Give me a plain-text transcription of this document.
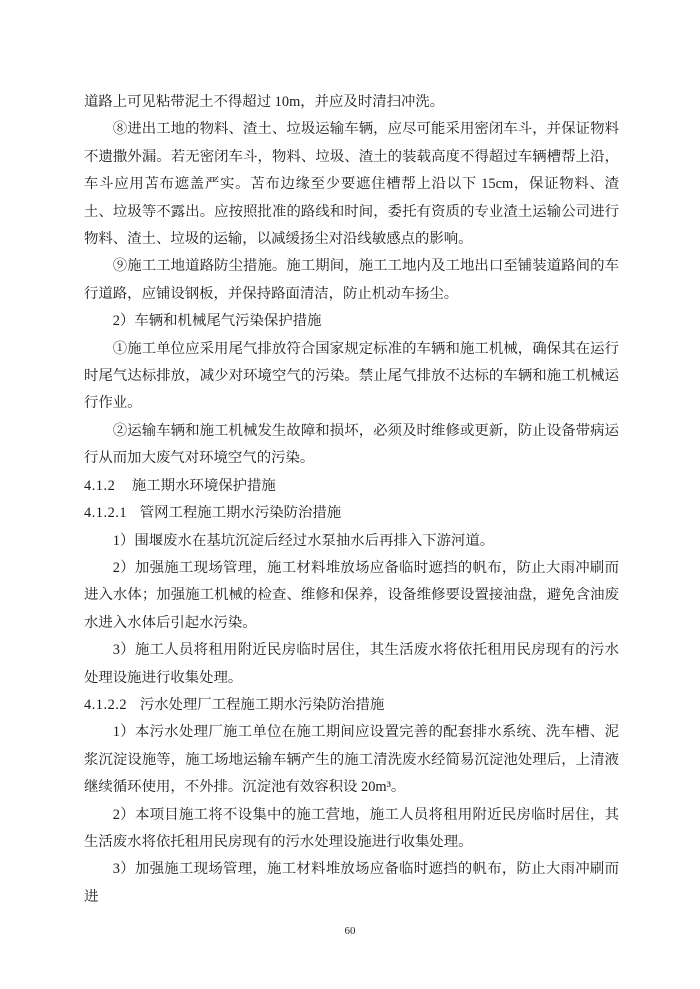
道路上可见粘带泥土不得超过 10m，并应及时清扫冲洗。

⑧进出工地的物料、渣土、垃圾运输车辆，应尽可能采用密闭车斗，并保证物料不遗撒外漏。若无密闭车斗，物料、垃圾、渣土的装载高度不得超过车辆槽帮上沿，车斗应用苫布遮盖严实。苫布边缘至少要遮住槽帮上沿以下 15cm，保证物料、渣土、垃圾等不露出。应按照批准的路线和时间，委托有资质的专业渣土运输公司进行物料、渣土、垃圾的运输，以减缓扬尘对沿线敏感点的影响。

⑨施工工地道路防尘措施。施工期间，施工工地内及工地出口至铺装道路间的车行道路，应铺设钢板，并保持路面清洁，防止机动车扬尘。

2）车辆和机械尾气污染保护措施

①施工单位应采用尾气排放符合国家规定标准的车辆和施工机械，确保其在运行时尾气达标排放，减少对环境空气的污染。禁止尾气排放不达标的车辆和施工机械运行作业。

②运输车辆和施工机械发生故障和损坏，必须及时维修或更新，防止设备带病运行从而加大废气对环境空气的污染。

4.1.2 施工期水环境保护措施
4.1.2.1 管网工程施工期水污染防治措施

1）围堰废水在基坑沉淀后经过水泵抽水后再排入下游河道。

2）加强施工现场管理，施工材料堆放场应备临时遮挡的帆布，防止大雨冲刷而进入水体；加强施工机械的检查、维修和保养，设备维修要设置接油盘，避免含油废水进入水体后引起水污染。

3）施工人员将租用附近民房临时居住，其生活废水将依托租用民房现有的污水处理设施进行收集处理。

4.1.2.2 污水处理厂工程施工期水污染防治措施

1）本污水处理厂施工单位在施工期间应设置完善的配套排水系统、洗车槽、泥浆沉淀设施等，施工场地运输车辆产生的施工清洗废水经简易沉淀池处理后，上清液继续循环使用，不外排。沉淀池有效容积设 20m³。

2）本项目施工将不设集中的施工营地，施工人员将租用附近民房临时居住，其生活废水将依托租用民房现有的污水处理设施进行收集处理。

3）加强施工现场管理，施工材料堆放场应备临时遮挡的帆布，防止大雨冲刷而进

60
